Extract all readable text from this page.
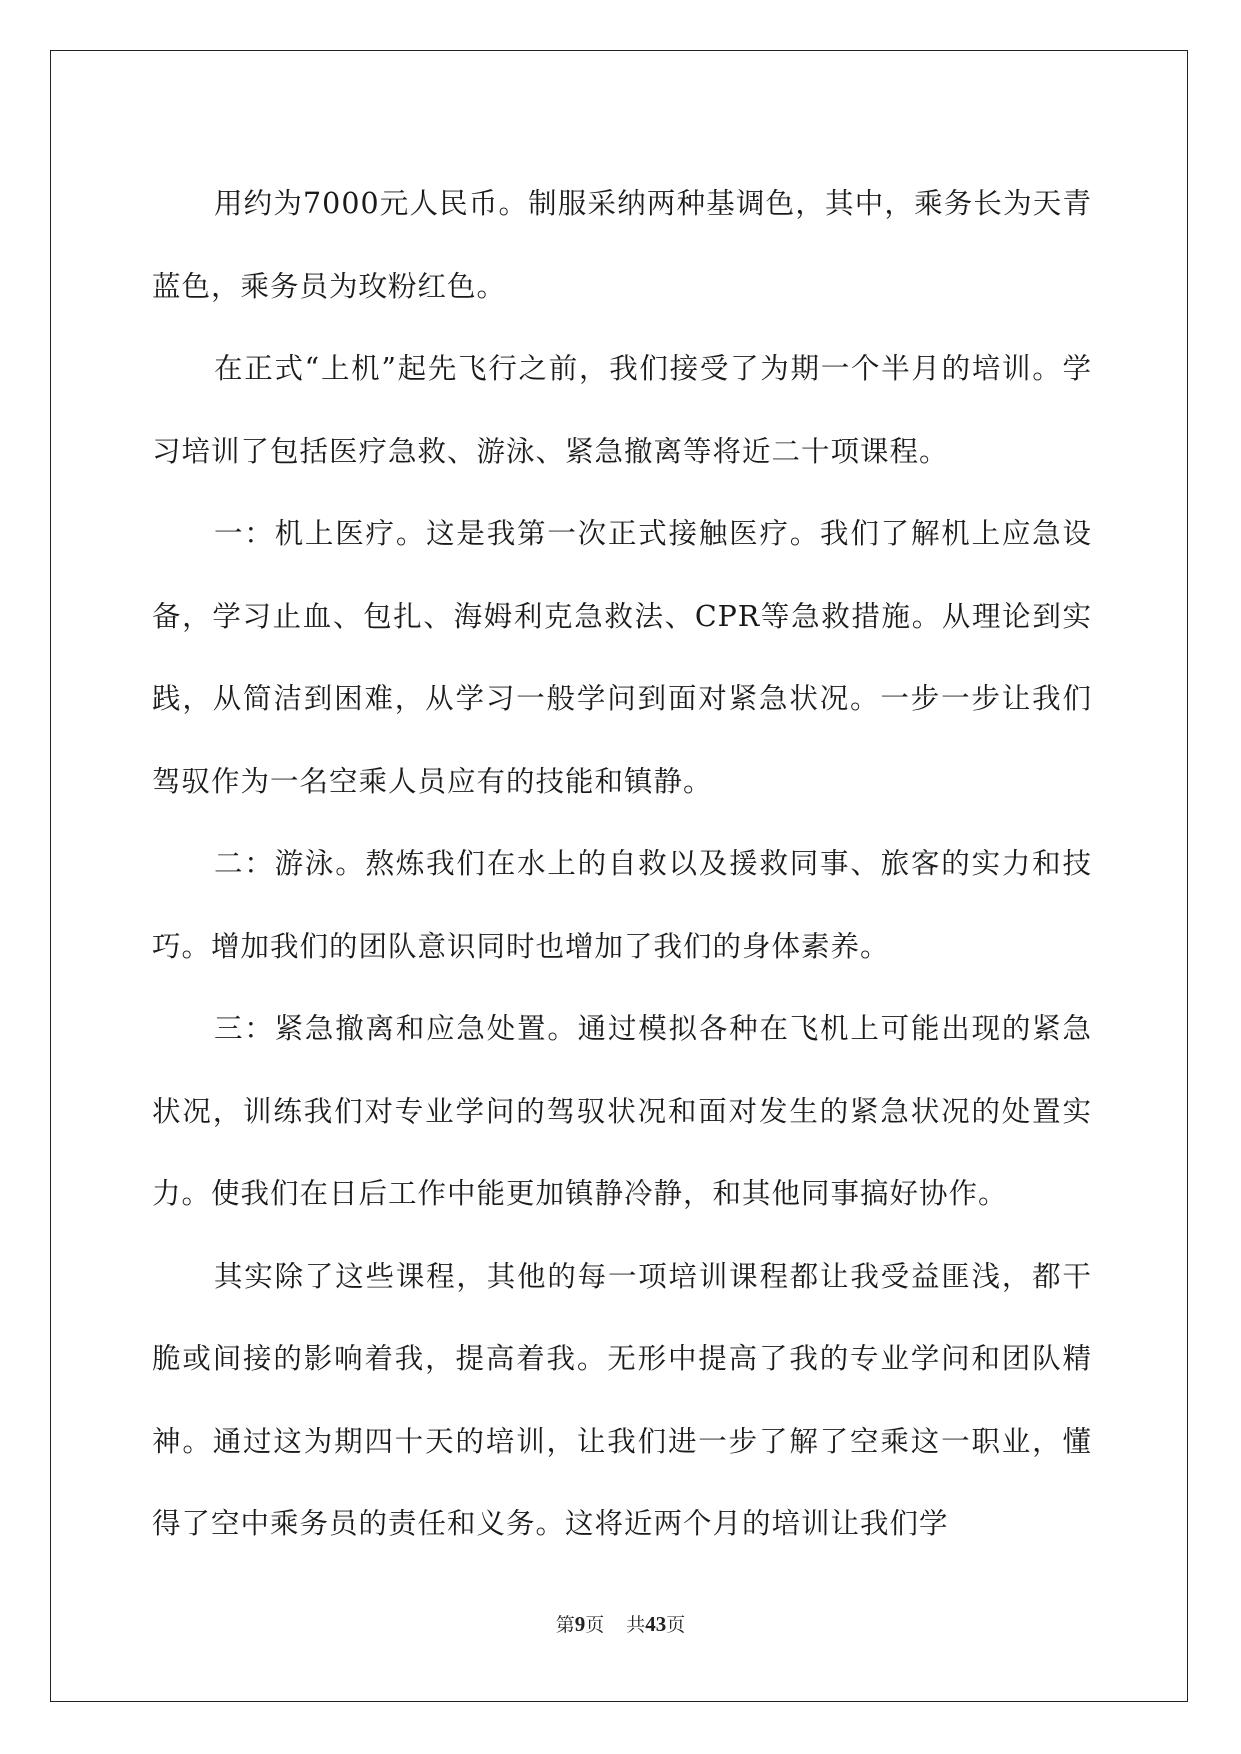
用约为7000元人民币。制服采纳两种基调色，其中，乘务长为天青蓝色，乘务员为玫粉红色。

在正式“上机”起先飞行之前，我们接受了为期一个半月的培训。学习培训了包括医疗急救、游泳、紧急撤离等将近二十项课程。

一：机上医疗。这是我第一次正式接触医疗。我们了解机上应急设备，学习止血、包扎、海姆利克急救法、CPR等急救措施。从理论到实践，从简洁到困难，从学习一般学问到面对紧急状况。一步一步让我们驾驭作为一名空乘人员应有的技能和镇静。

二：游泳。熬炼我们在水上的自救以及援救同事、旅客的实力和技巧。增加我们的团队意识同时也增加了我们的身体素养。

三：紧急撤离和应急处置。通过模拟各种在飞机上可能出现的紧急状况，训练我们对专业学问的驾驭状况和面对发生的紧急状况的处置实力。使我们在日后工作中能更加镇静冷静，和其他同事搞好协作。

其实除了这些课程，其他的每一项培训课程都让我受益匪浅，都干脆或间接的影响着我，提高着我。无形中提高了我的专业学问和团队精神。通过这为期四十天的培训，让我们进一步了解了空乘这一职业，懂得了空中乘务员的责任和义务。这将近两个月的培训让我们学

第9页 共43页
